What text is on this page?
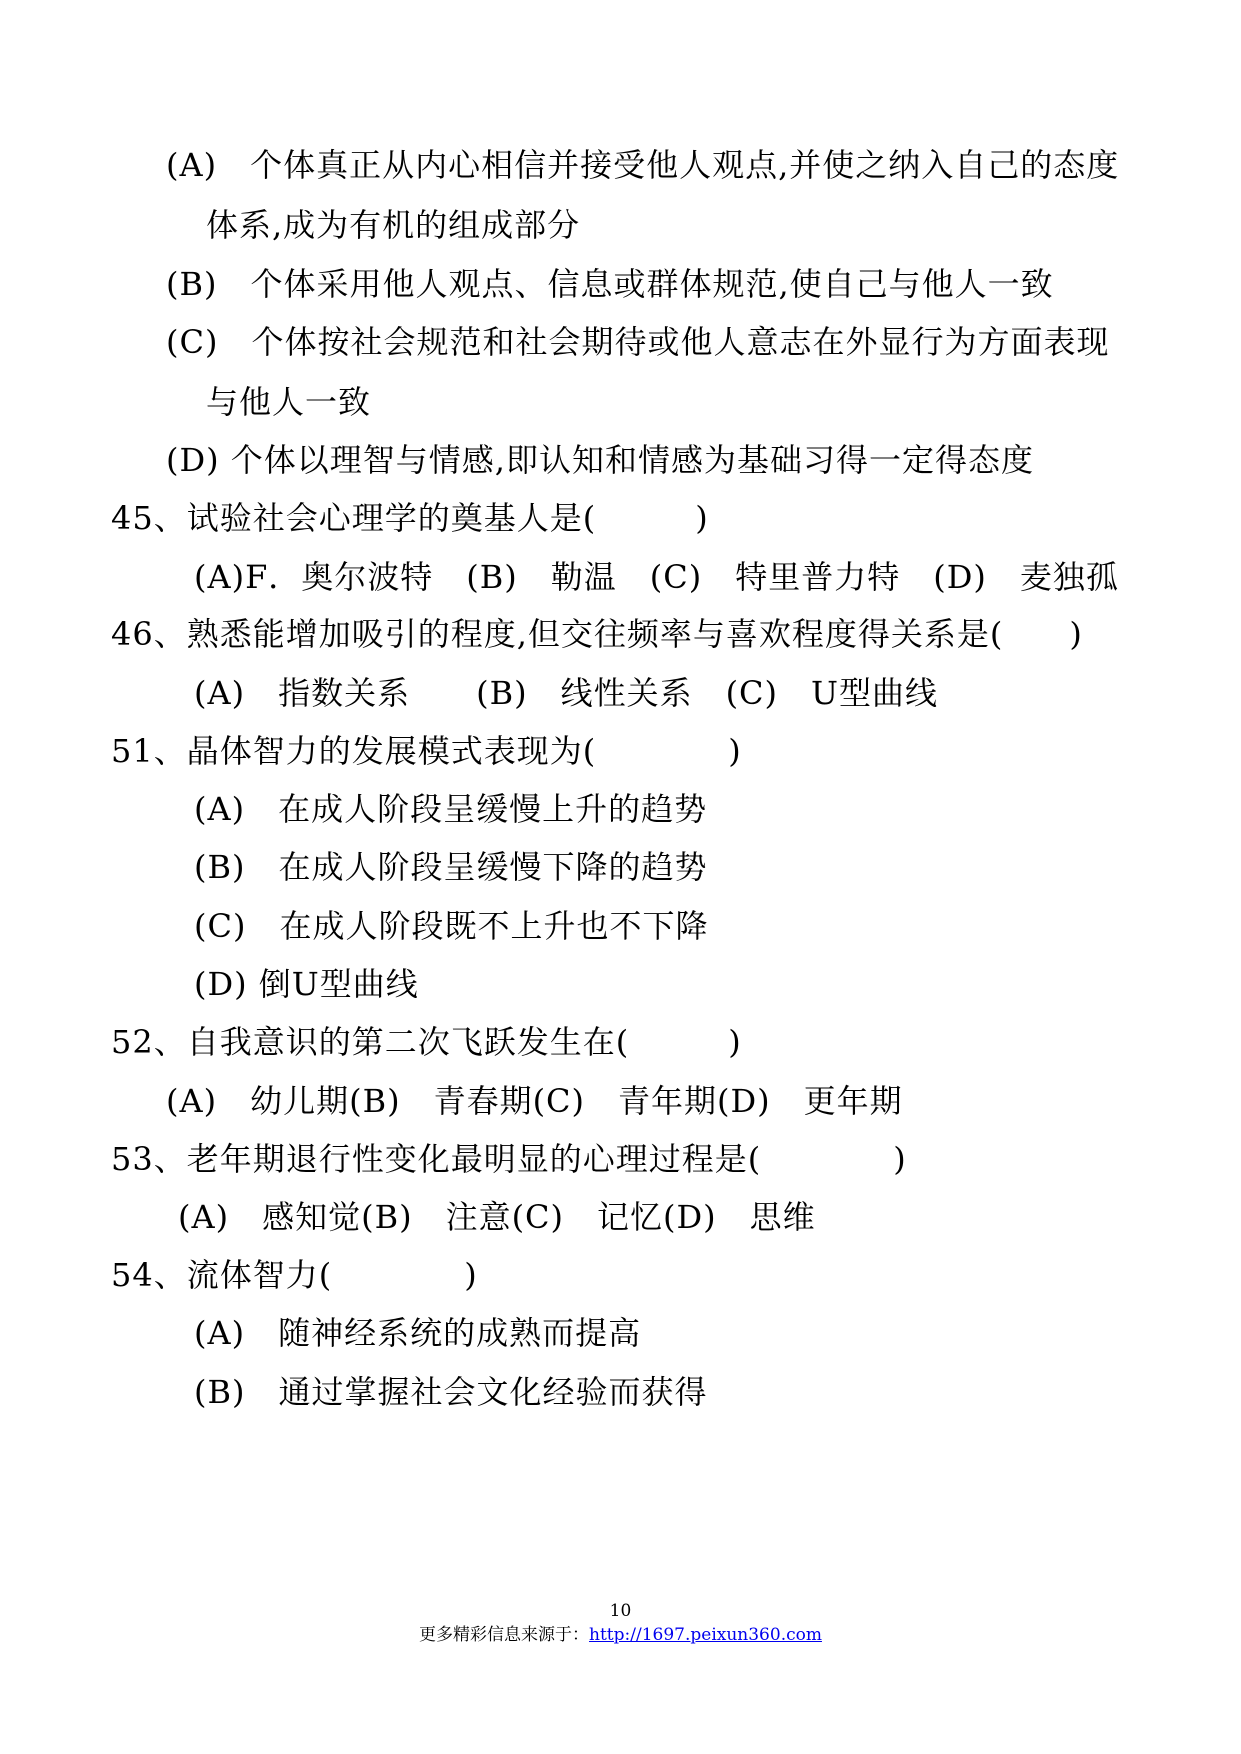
(A)　个体真正从内心相信并接受他人观点,并使之纳入自己的态度
体系,成为有机的组成部分
(B)　个体采用他人观点、信息或群体规范,使自己与他人一致
(C)　个体按社会规范和社会期待或他人意志在外显行为方面表现
与他人一致
(D) 个体以理智与情感,即认知和情感为基础习得一定得态度
45、试验社会心理学的奠基人是(　　　)
(A)F．奥尔波特　(B)　勒温　(C)　特里普力特　(D)　麦独孤
46、熟悉能增加吸引的程度,但交往频率与喜欢程度得关系是(　　)
(A)　指数关系　　(B)　线性关系　(C)　U型曲线
51、晶体智力的发展模式表现为(　　　　)
(A)　在成人阶段呈缓慢上升的趋势
(B)　在成人阶段呈缓慢下降的趋势
(C)　在成人阶段既不上升也不下降
(D) 倒U型曲线
52、自我意识的第二次飞跃发生在(　　　)
(A)　幼儿期(B)　青春期(C)　青年期(D)　更年期
53、老年期退行性变化最明显的心理过程是(　　　　)
(A)　感知觉(B)　注意(C)　记忆(D)　思维
54、流体智力(　　　　)
(A)　随神经系统的成熟而提高
(B)　通过掌握社会文化经验而获得
10
更多精彩信息来源于：http://1697.peixun360.com
